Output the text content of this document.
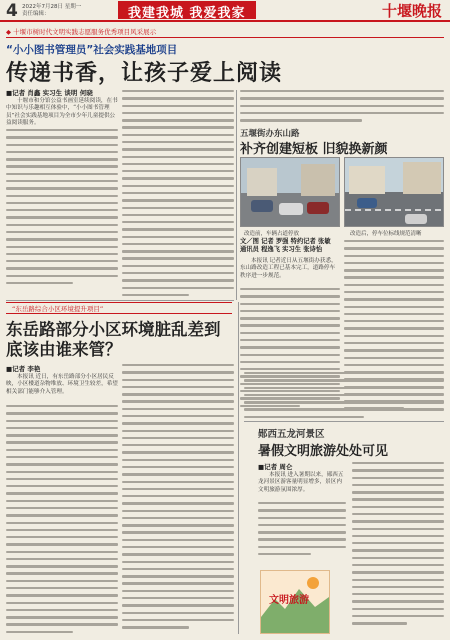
4 2022年7月28日 星期一
责任编辑：	我建我城 我爱我家	十堰晚报
◆ 十堰市树时代文明实践志愿服务优秀项目风采展示
“小小图书管理员”社会实践基地项目
传递书香，让孩子爱上阅读
■记者 肖鑫 实习生 谈明 何晓
十堰市和分馆公益书画室延续阅读，在书中知识与乐趣相互体验中，“小小图书管理员”社会实践基地项目为全市少年儿童提供公益阅读服务。
五堰街办东山路
补齐创建短板 旧貌换新颜
改造前，车辆占道停放	改造后，停车位标线规范清晰
文／图 记者 罗强 特约记者 张敏
通讯员 程逸飞 实习生 张诗怡
本报讯 记者近日从五堰街办获悉，东山路改造工程已基本完工，道路停车秩序进一步规范。
“东岳路综合小区环境提升项目”
东岳路部分小区环境脏乱差到底该由谁来管？
■记者 李艳
本报讯 近日，有东岳路部分小区居民反映，小区楼道杂物堆放、环境卫生较差，希望相关部门能够介入管理。
郧西五龙河景区
暑假文明旅游处处可见
■记者 周仑
本报讯 进入暑期以来，郧西五龙河景区游客量明显增多，景区内文明旅游氛围浓厚。
文明旅游
